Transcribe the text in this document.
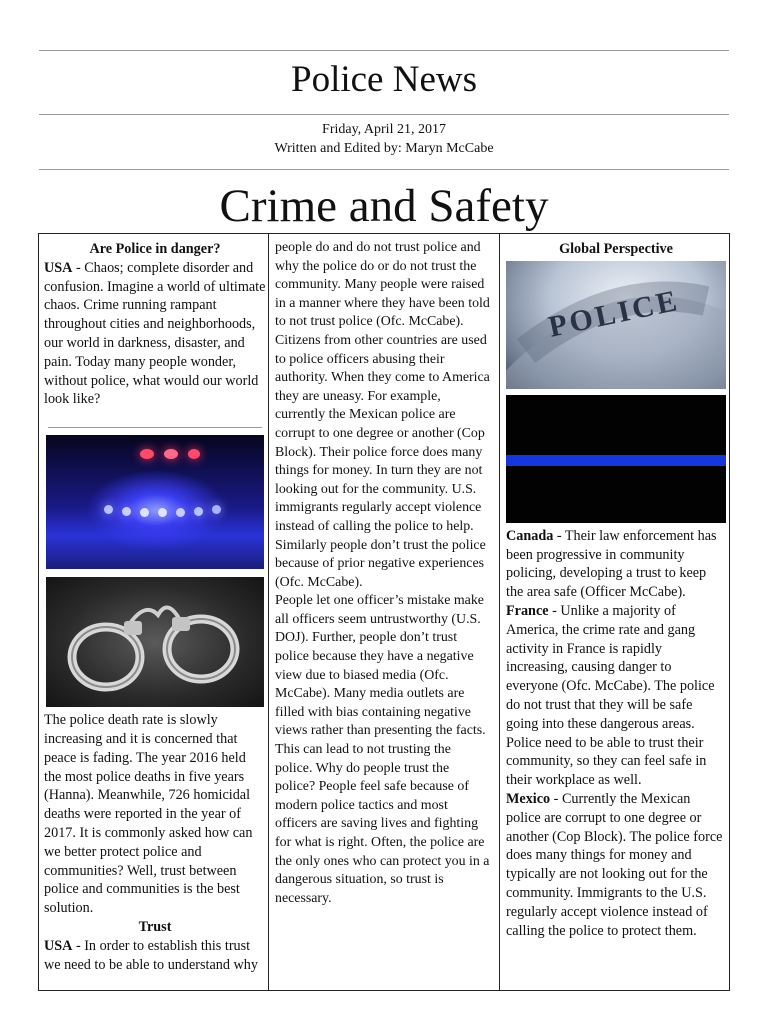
Police News
Friday, April 21, 2017
Written and Edited by: Maryn McCabe
Crime and Safety

Are Police in danger?

USA - Chaos; complete disorder and confusion. Imagine a world of ultimate chaos. Crime running rampant throughout cities and neighborhoods, our world in darkness, disaster, and pain. Today many people wonder, without police, what would our world look like?

The police death rate is slowly increasing and it is concerned that peace is fading. The year 2016 held the most police deaths in five years (Hanna). Meanwhile, 726 homicidal deaths were reported in the year of 2017. It is commonly asked how can we better protect police and communities? Well, trust between police and communities is the best solution.

Trust

USA - In order to establish this trust we need to be able to understand why

people do and do not trust police and why the police do or do not trust the community. Many people were raised in a manner where they have been told to not trust police (Ofc. McCabe). Citizens from other countries are used to police officers abusing their authority. When they come to America they are uneasy. For example, currently the Mexican police are corrupt to one degree or another (Cop Block). Their police force does many things for money. In turn they are not looking out for the community. U.S. immigrants regularly accept violence instead of calling the police to help. Similarly people don’t trust the police because of prior negative experiences (Ofc. McCabe).

People let one officer’s mistake make all officers seem untrustworthy (U.S. DOJ). Further, people don’t trust police because they have a negative view due to biased media (Ofc. McCabe). Many media outlets are filled with bias containing negative views rather than presenting the facts. This can lead to not trusting the police. Why do people trust the police? People feel safe because of modern police tactics and most officers are saving lives and fighting for what is right. Often, the police are the only ones who can protect you in a dangerous situation, so trust is necessary.

Global Perspective

POLICE

Canada - Their law enforcement has been progressive in community policing, developing a trust to keep the area safe (Officer McCabe).

France - Unlike a majority of America, the crime rate and gang activity in France is rapidly increasing, causing danger to everyone (Ofc. McCabe). The police do not trust that they will be safe going into these dangerous areas. Police need to be able to trust their community, so they can feel safe in their workplace as well.

Mexico - Currently the Mexican police are corrupt to one degree or another (Cop Block). The police force does many things for money and typically are not looking out for the community. Immigrants to the U.S. regularly accept violence instead of calling the police to protect them.
